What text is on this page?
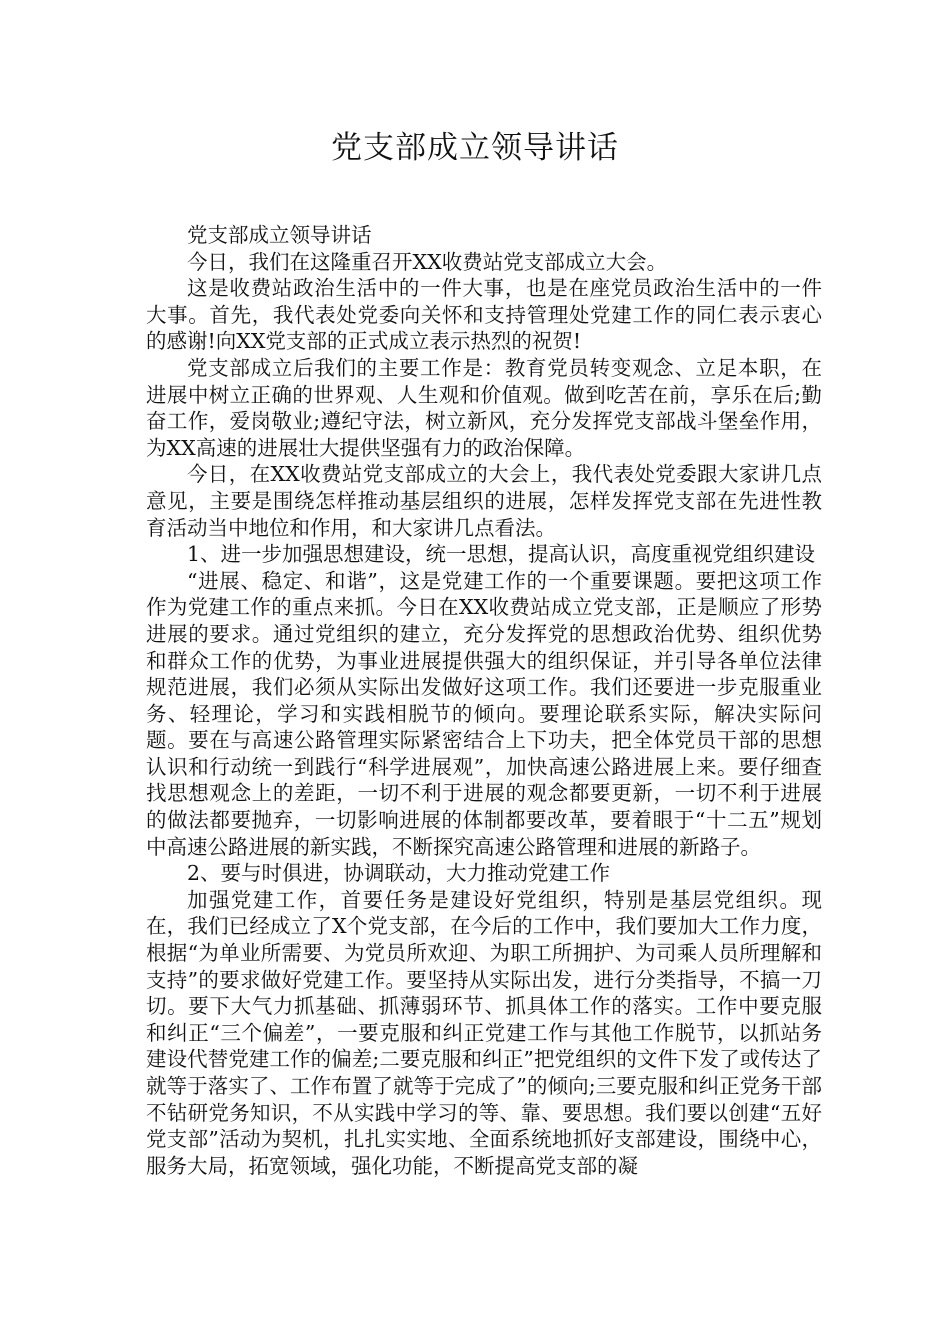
党支部成立领导讲话

党支部成立领导讲话

今日，我们在这隆重召开XX收费站党支部成立大会。

这是收费站政治生活中的一件大事，也是在座党员政治生活中的一件大事。首先，我代表处党委向关怀和支持管理处党建工作的同仁表示衷心的感谢!向XX党支部的正式成立表示热烈的祝贺!

党支部成立后我们的主要工作是：教育党员转变观念、立足本职，在进展中树立正确的世界观、人生观和价值观。做到吃苦在前，享乐在后;勤奋工作，爱岗敬业;遵纪守法，树立新风，充分发挥党支部战斗堡垒作用，为XX高速的进展壮大提供坚强有力的政治保障。

今日，在XX收费站党支部成立的大会上，我代表处党委跟大家讲几点意见，主要是围绕怎样推动基层组织的进展，怎样发挥党支部在先进性教育活动当中地位和作用，和大家讲几点看法。

1、进一步加强思想建设，统一思想，提高认识，高度重视党组织建设

“进展、稳定、和谐”，这是党建工作的一个重要课题。要把这项工作作为党建工作的重点来抓。今日在XX收费站成立党支部，正是顺应了形势进展的要求。通过党组织的建立，充分发挥党的思想政治优势、组织优势和群众工作的优势，为事业进展提供强大的组织保证，并引导各单位法律规范进展，我们必须从实际出发做好这项工作。我们还要进一步克服重业务、轻理论，学习和实践相脱节的倾向。要理论联系实际，解决实际问题。要在与高速公路管理实际紧密结合上下功夫，把全体党员干部的思想认识和行动统一到践行“科学进展观”，加快高速公路进展上来。要仔细查找思想观念上的差距，一切不利于进展的观念都要更新，一切不利于进展的做法都要抛弃，一切影响进展的体制都要改革，要着眼于“十二五”规划中高速公路进展的新实践，不断探究高速公路管理和进展的新路子。

2、要与时俱进，协调联动，大力推动党建工作

加强党建工作，首要任务是建设好党组织，特别是基层党组织。现在，我们已经成立了X个党支部，在今后的工作中，我们要加大工作力度，根据“为单业所需要、为党员所欢迎、为职工所拥护、为司乘人员所理解和支持”的要求做好党建工作。要坚持从实际出发，进行分类指导，不搞一刀切。要下大气力抓基础、抓薄弱环节、抓具体工作的落实。工作中要克服和纠正“三个偏差”，一要克服和纠正党建工作与其他工作脱节，以抓站务建设代替党建工作的偏差;二要克服和纠正”把党组织的文件下发了或传达了就等于落实了、工作布置了就等于完成了”的倾向;三要克服和纠正党务干部不钻研党务知识，不从实践中学习的等、靠、要思想。我们要以创建“五好党支部”活动为契机，扎扎实实地、全面系统地抓好支部建设，围绕中心，服务大局，拓宽领域，强化功能，不断提高党支部的凝
